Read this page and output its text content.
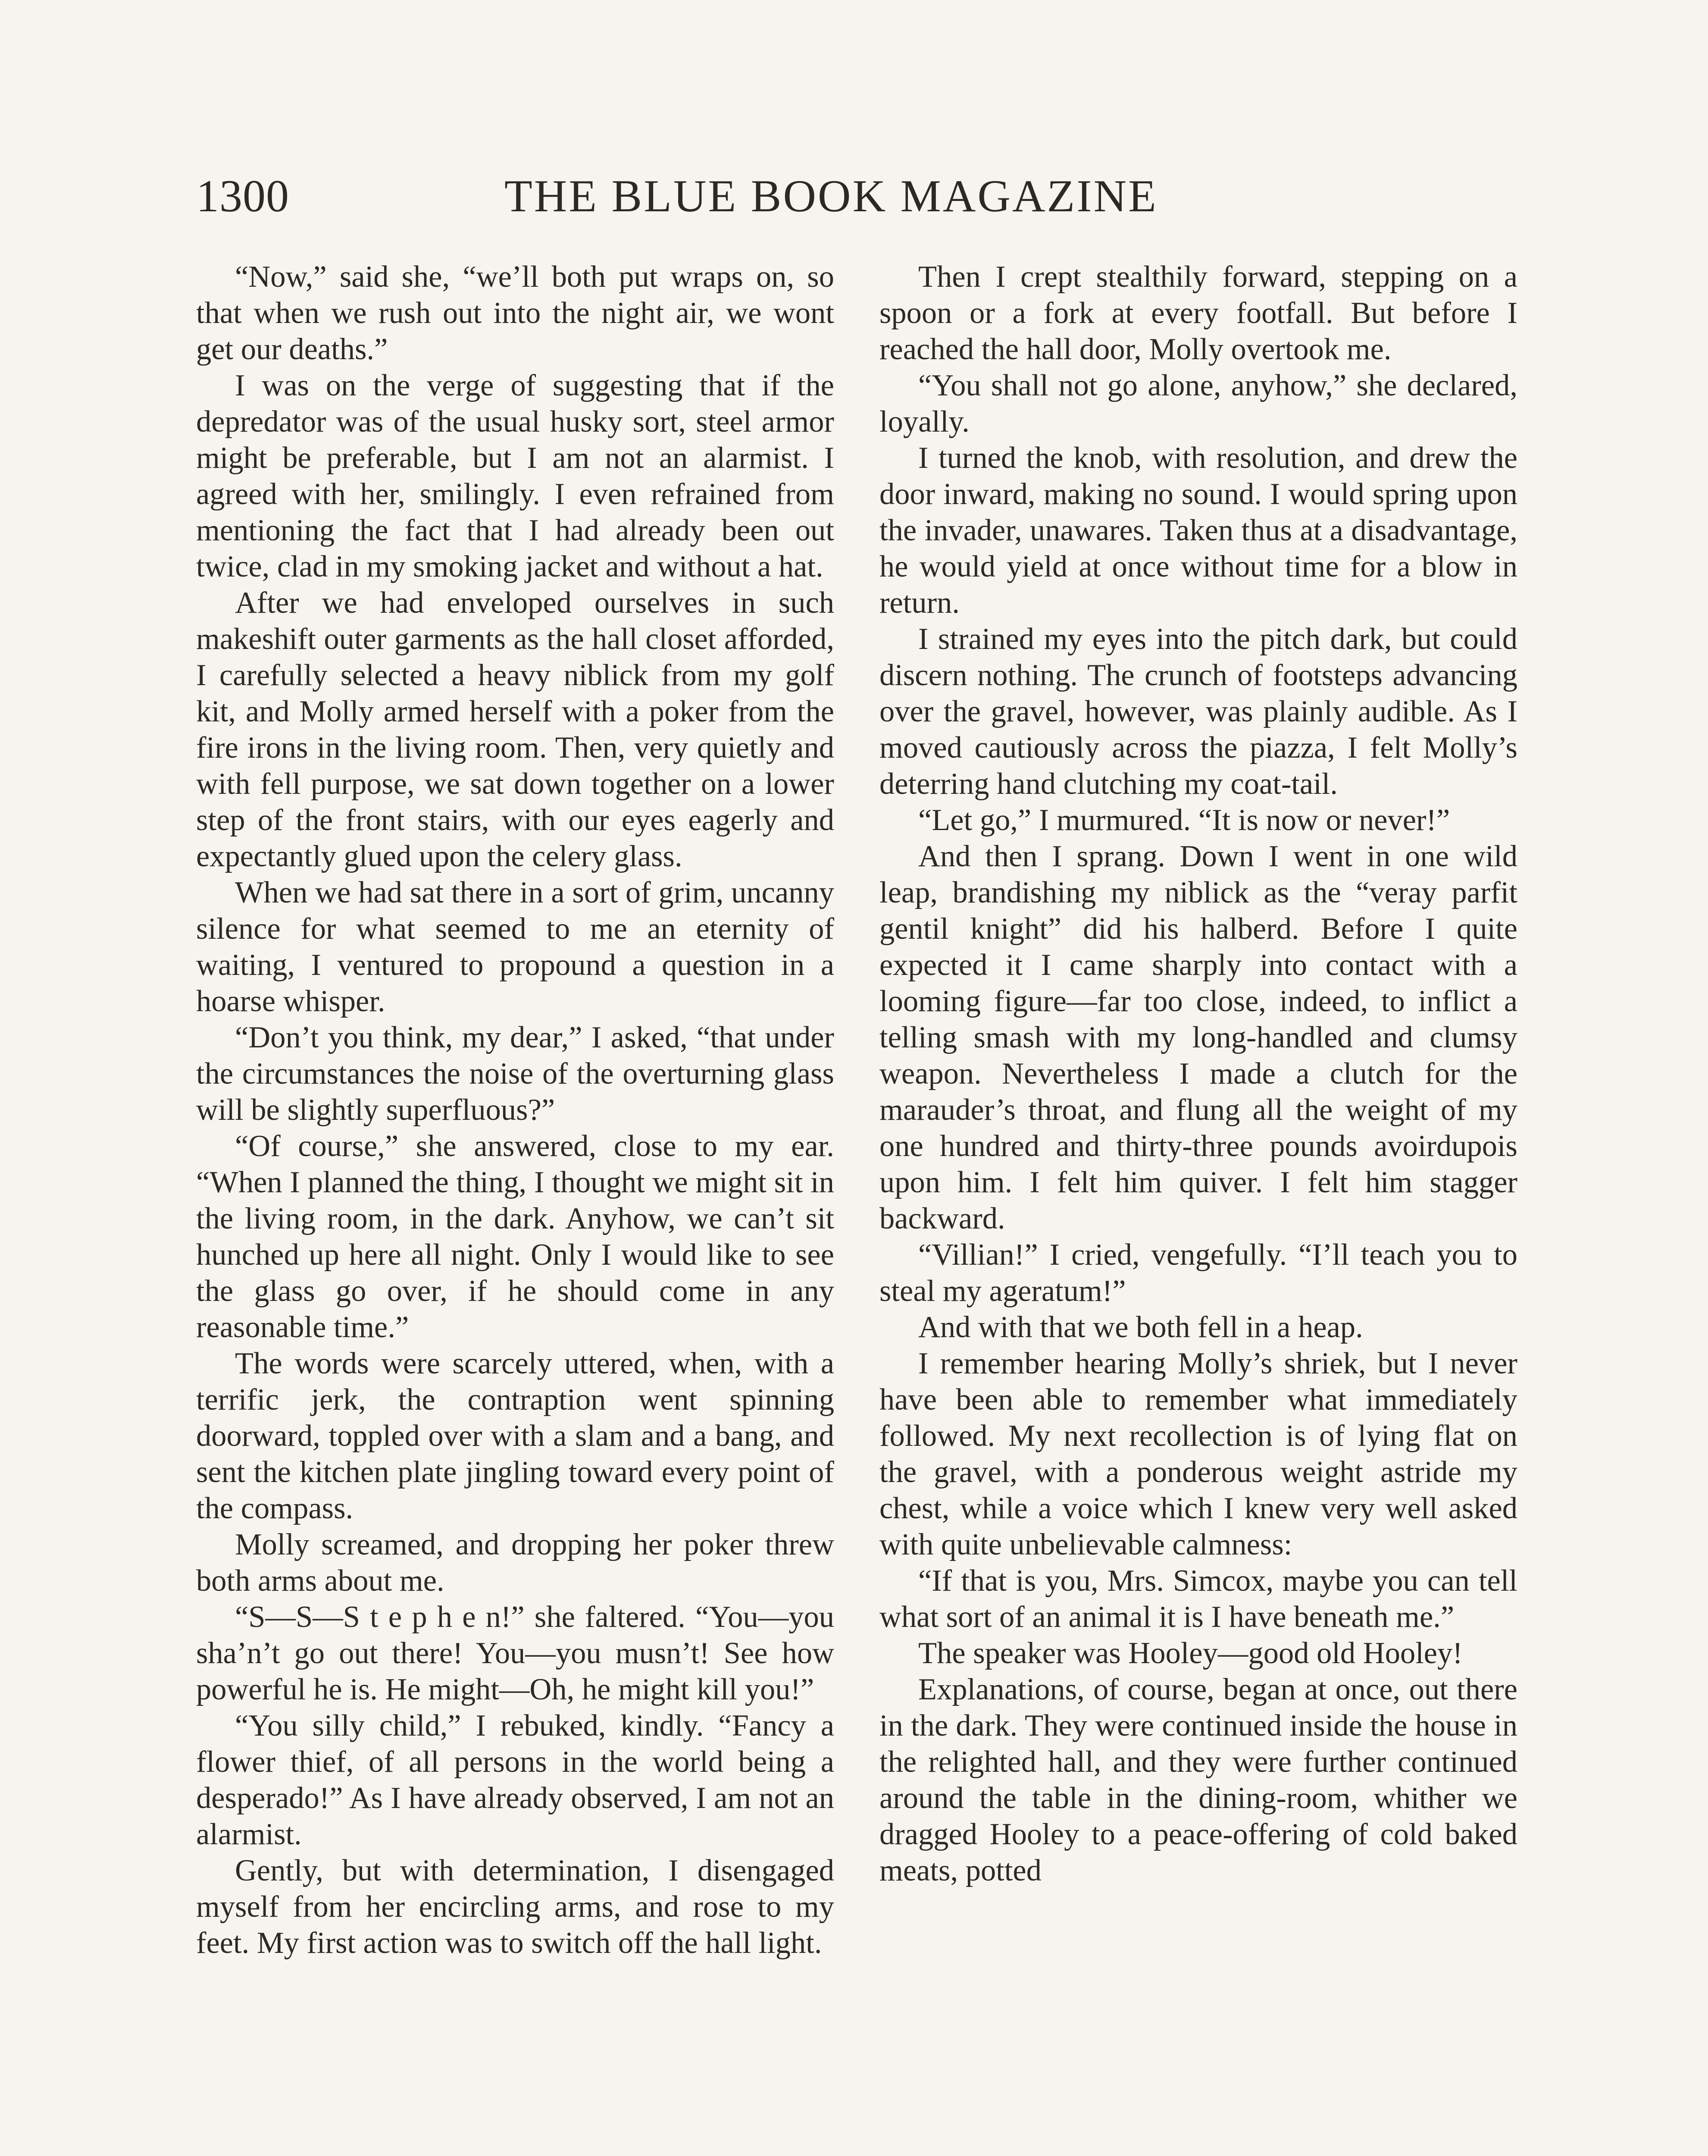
1300	THE BLUE BOOK MAGAZINE

“Now,” said she, “we’ll both put wraps on, so that when we rush out into the night air, we wont get our deaths.”

I was on the verge of suggesting that if the depredator was of the usual husky sort, steel armor might be preferable, but I am not an alarmist. I agreed with her, smilingly. I even refrained from mentioning the fact that I had already been out twice, clad in my smoking jacket and without a hat.

After we had enveloped ourselves in such makeshift outer garments as the hall closet afforded, I carefully selected a heavy niblick from my golf kit, and Molly armed herself with a poker from the fire irons in the living room. Then, very quietly and with fell purpose, we sat down together on a lower step of the front stairs, with our eyes eagerly and expectantly glued upon the celery glass.

When we had sat there in a sort of grim, uncanny silence for what seemed to me an eternity of waiting, I ventured to propound a question in a hoarse whisper.

“Don’t you think, my dear,” I asked, “that under the circumstances the noise of the overturning glass will be slightly superfluous?”

“Of course,” she answered, close to my ear. “When I planned the thing, I thought we might sit in the living room, in the dark. Anyhow, we can’t sit hunched up here all night. Only I would like to see the glass go over, if he should come in any reasonable time.”

The words were scarcely uttered, when, with a terrific jerk, the contraption went spinning doorward, toppled over with a slam and a bang, and sent the kitchen plate jingling toward every point of the compass.

Molly screamed, and dropping her poker threw both arms about me.

“S—S—S t e p h e n!” she faltered. “You—you sha’n’t go out there! You—you musn’t! See how powerful he is. He might—Oh, he might kill you!”

“You silly child,” I rebuked, kindly. “Fancy a flower thief, of all persons in the world being a desperado!” As I have already observed, I am not an alarmist.

Gently, but with determination, I disengaged myself from her encircling arms, and rose to my feet. My first action was to switch off the hall light.

Then I crept stealthily forward, stepping on a spoon or a fork at every footfall. But before I reached the hall door, Molly overtook me.

“You shall not go alone, anyhow,” she declared, loyally.

I turned the knob, with resolution, and drew the door inward, making no sound. I would spring upon the invader, unawares. Taken thus at a disadvantage, he would yield at once without time for a blow in return.

I strained my eyes into the pitch dark, but could discern nothing. The crunch of footsteps advancing over the gravel, however, was plainly audible. As I moved cautiously across the piazza, I felt Molly’s deterring hand clutching my coat-tail.

“Let go,” I murmured. “It is now or never!”

And then I sprang. Down I went in one wild leap, brandishing my niblick as the “veray parfit gentil knight” did his halberd. Before I quite expected it I came sharply into contact with a looming figure—far too close, indeed, to inflict a telling smash with my long-handled and clumsy weapon. Nevertheless I made a clutch for the marauder’s throat, and flung all the weight of my one hundred and thirty-three pounds avoirdupois upon him. I felt him quiver. I felt him stagger backward.

“Villian!” I cried, vengefully. “I’ll teach you to steal my ageratum!”

And with that we both fell in a heap.

I remember hearing Molly’s shriek, but I never have been able to remember what immediately followed. My next recollection is of lying flat on the gravel, with a ponderous weight astride my chest, while a voice which I knew very well asked with quite unbelievable calmness:

“If that is you, Mrs. Simcox, maybe you can tell what sort of an animal it is I have beneath me.”

The speaker was Hooley—good old Hooley!

Explanations, of course, began at once, out there in the dark. They were continued inside the house in the relighted hall, and they were further continued around the table in the dining-room, whither we dragged Hooley to a peace-offering of cold baked meats, potted
